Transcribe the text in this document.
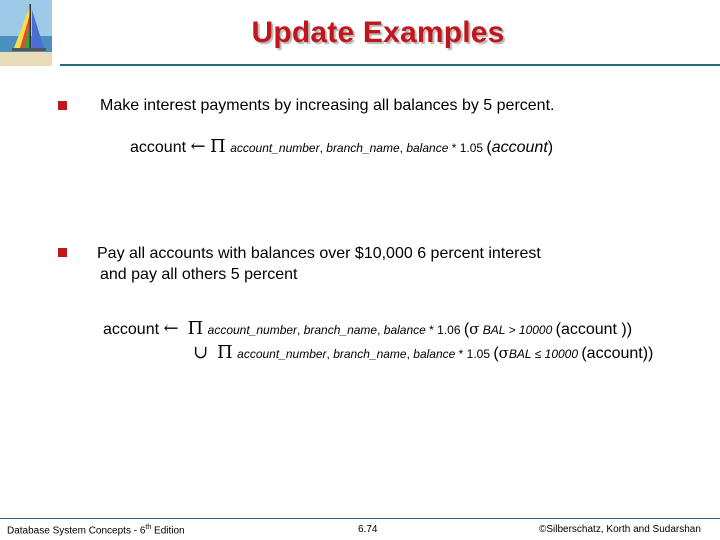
Update Examples
Make interest payments by increasing all balances by 5 percent.
account ← Π account_number, branch_name, balance * 1.05 (account)
Pay all accounts with balances over $10,000 6 percent interest
and pay all others 5 percent
account ← Π account_number, branch_name, balance * 1.06 (σ BAL > 10000 (account ))
∪ Π account_number, branch_name, balance * 1.05 (σBAL ≤ 10000 (account))
Database System Concepts - 6th Edition	6.74	©Silberschatz, Korth and Sudarshan
